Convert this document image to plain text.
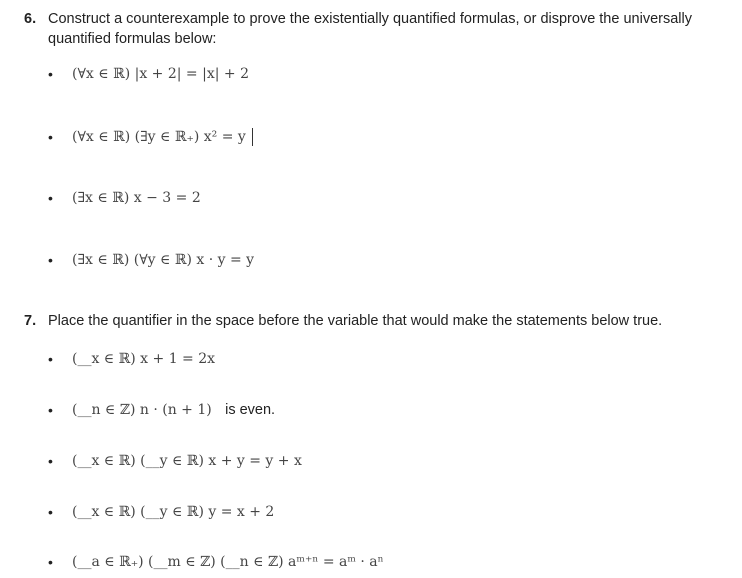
6. Construct a counterexample to prove the existentially quantified formulas, or disprove the universally quantified formulas below:
• (∀x ∈ ℝ) |x + 2| = |x| + 2
• (∀x ∈ ℝ) (∃y ∈ ℝ₊) x² = y
• (∃x ∈ ℝ) x − 3 = 2
• (∃x ∈ ℝ) (∀y ∈ ℝ) x · y = y
7. Place the quantifier in the space before the variable that would make the statements below true.
• (__x ∈ ℝ) x + 1 = 2x
• (__n ∈ ℤ) n · (n + 1) is even.
• (__x ∈ ℝ) (__y ∈ ℝ) x + y = y + x
• (__x ∈ ℝ) (__y ∈ ℝ) y = x + 2
• (__a ∈ ℝ₊) (__m ∈ ℤ) (__n ∈ ℤ) aᵐ⁺ⁿ = aᵐ · aⁿ
